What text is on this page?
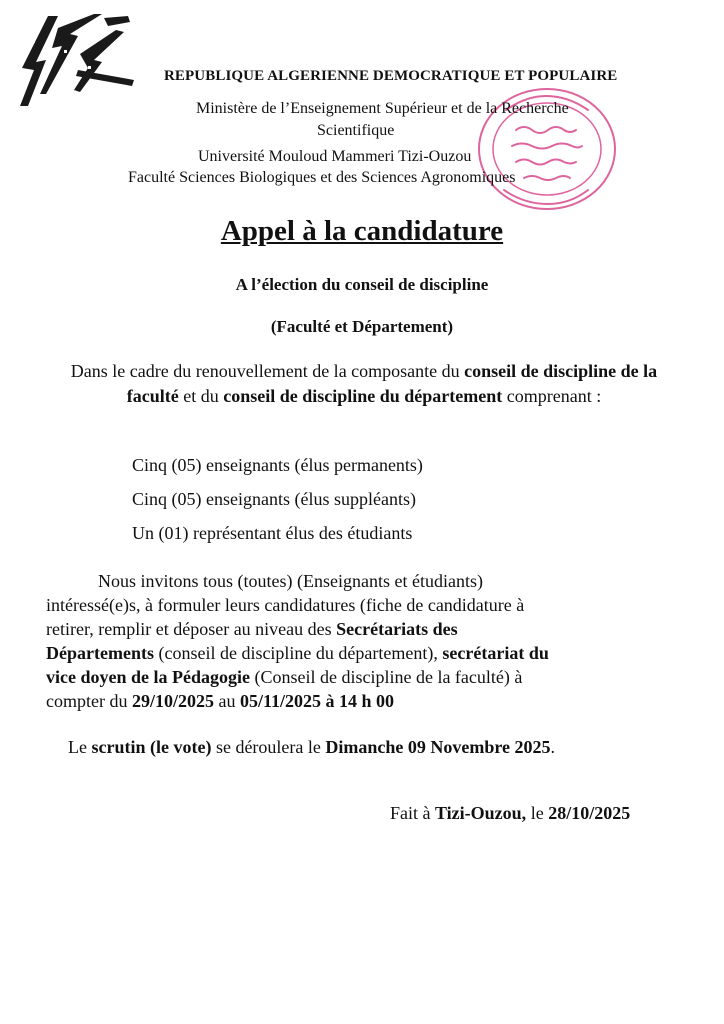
REPUBLIQUE ALGERIENNE DEMOCRATIQUE ET POPULAIRE
Ministère de l’Enseignement Supérieur et de la Recherche
Scientifique
Université Mouloud Mammeri Tizi-Ouzou
Faculté Sciences Biologiques et des Sciences Agronomiques
Appel à la candidature
A l’élection du conseil de discipline
(Faculté et Département)
Dans le cadre du renouvellement de la composante du conseil de discipline de la faculté et du conseil de discipline du département comprenant :
Cinq (05) enseignants (élus permanents)
Cinq (05) enseignants (élus suppléants)
Un (01) représentant élus des étudiants
Nous invitons tous (toutes) (Enseignants et étudiants)
intéressé(e)s, à formuler leurs candidatures (fiche de candidature à
retirer, remplir et déposer au niveau des Secrétariats des
Départements (conseil de discipline du département), secrétariat du
vice doyen de la Pédagogie (Conseil de discipline de la faculté) à
compter du 29/10/2025 au 05/11/2025 à 14 h 00
Le scrutin (le vote) se déroulera le Dimanche 09 Novembre 2025.
Fait à Tizi-Ouzou, le 28/10/2025
